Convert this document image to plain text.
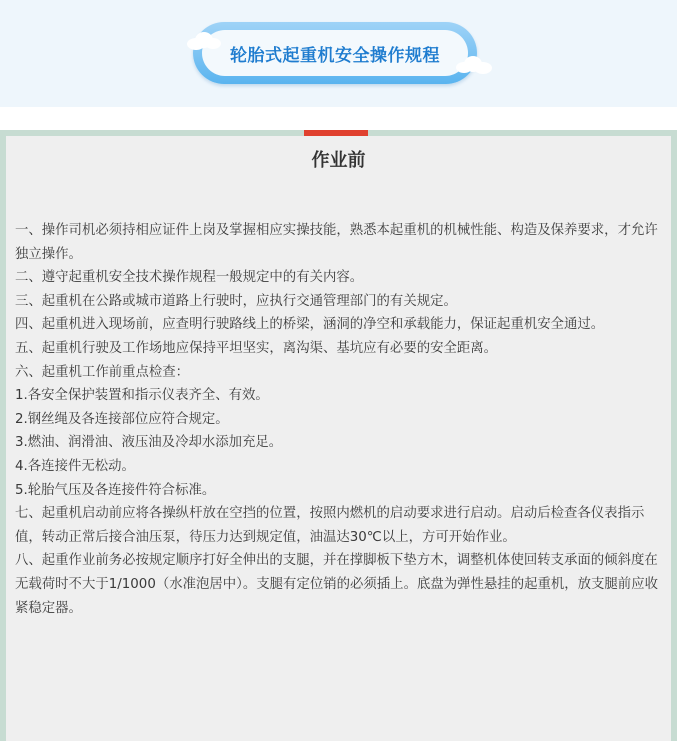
轮胎式起重机安全操作规程
作业前

一、操作司机必须持相应证件上岗及掌握相应实操技能，熟悉本起重机的机械性能、构造及保养要求，才允许独立操作。

二、遵守起重机安全技术操作规程一般规定中的有关内容。

三、起重机在公路或城市道路上行驶时，应执行交通管理部门的有关规定。

四、起重机进入现场前，应查明行驶路线上的桥梁，涵洞的净空和承载能力，保证起重机安全通过。

五、起重机行驶及工作场地应保持平坦坚实，离沟渠、基坑应有必要的安全距离。

六、起重机工作前重点检查：

1.各安全保护装置和指示仪表齐全、有效。

2.钢丝绳及各连接部位应符合规定。

3.燃油、润滑油、液压油及冷却水添加充足。

4.各连接件无松动。

5.轮胎气压及各连接件符合标准。

七、起重机启动前应将各操纵杆放在空挡的位置，按照内燃机的启动要求进行启动。启动后检查各仪表指示值，转动正常后接合油压泵，待压力达到规定值，油温达30℃以上，方可开始作业。

八、起重作业前务必按规定顺序打好全伸出的支腿，并在撑脚板下垫方木，调整机体使回转支承面的倾斜度在无载荷时不大于1/1000（水准泡居中）。支腿有定位销的必须插上。底盘为弹性悬挂的起重机，放支腿前应收紧稳定器。
